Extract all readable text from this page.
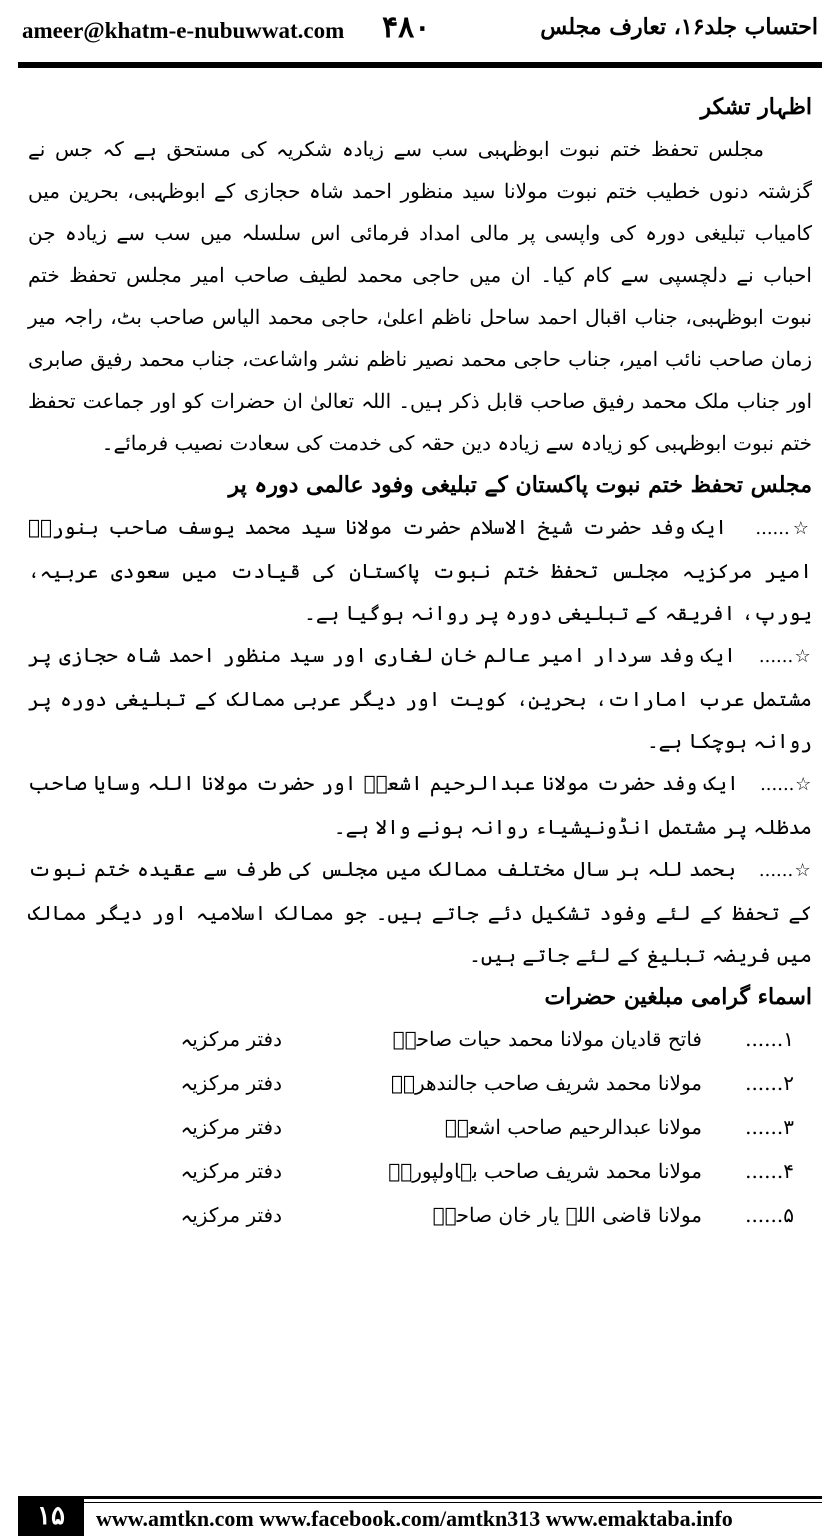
ameer@khatm-e-nubuwwat.com ۴۸۰	احتساب جلد۱۶، تعارف مجلس

اظہار تشکر

مجلس تحفظ ختم نبوت ابوظہبی سب سے زیادہ شکریہ کی مستحق ہے کہ جس نے گزشتہ دنوں خطیب ختم نبوت مولانا سید منظور احمد شاہ حجازی کے ابوظہبی، بحرین میں کامیاب تبلیغی دورہ کی واپسی پر مالی امداد فرمائی اس سلسلہ میں سب سے زیادہ جن احباب نے دلچسپی سے کام کیا۔ ان میں حاجی محمد لطیف صاحب امیر مجلس تحفظ ختم نبوت ابوظہبی، جناب اقبال احمد ساحل ناظم اعلیٰ، حاجی محمد الیاس صاحب بٹ، راجہ میر زمان صاحب نائب امیر، جناب حاجی محمد نصیر ناظم نشر واشاعت، جناب محمد رفیق صابری اور جناب ملک محمد رفیق صاحب قابل ذکر ہیں۔ اللہ تعالیٰ ان حضرات کو اور جماعت تحفظ ختم نبوت ابوظہبی کو زیادہ سے زیادہ دین حقہ کی خدمت کی سعادت نصیب فرمائے۔

مجلس تحفظ ختم نبوت پاکستان کے تبلیغی وفود عالمی دورہ پر

☆......   ایک وفد حضرت شیخ الاسلام حضرت مولانا سید محمد یوسف صاحب بنوریؒ امیر مرکزیہ مجلس تحفظ ختم نبوت پاکستان کی قیادت میں سعودی عربیہ، یورپ، افریقہ کے تبلیغی دورہ پر روانہ ہوگیا ہے۔

☆......   ایک وفد سردار امیر عالم خان لغاری اور سید منظور احمد شاہ حجازی پر مشتمل عرب امارات، بحرین، کویت اور دیگر عربی ممالک کے تبلیغی دورہ پر روانہ ہوچکا ہے۔

☆......   ایک وفد حضرت مولانا عبدالرحیم اشعرؒ اور حضرت مولانا اللہ وسایا صاحب مدظلہ پر مشتمل انڈونیشیاء روانہ ہونے والا ہے۔

☆......   بحمد للہ ہر سال مختلف ممالک میں مجلس کی طرف سے عقیدہ ختم نبوت کے تحفظ کے لئے وفود تشکیل دئے جاتے ہیں۔ جو ممالک اسلامیہ اور دیگر ممالک میں فریضہ تبلیغ کے لئے جاتے ہیں۔

اسماء گرامی مبلغین حضرات

۱......
فاتح قادیان مولانا محمد حیات صاحبؒ
دفتر مرکزیہ
۲......
مولانا محمد شریف صاحب جالندھریؒ
دفتر مرکزیہ
۳......
مولانا عبدالرحیم صاحب اشعرؒ
دفتر مرکزیہ
۴......
مولانا محمد شریف صاحب بہاولپوریؒ
دفتر مرکزیہ
۵......
مولانا قاضی اللہ یار خان صاحبؒ
دفتر مرکزیہ
۱۵	www.amtkn.com www.facebook.com/amtkn313 www.emaktaba.info
